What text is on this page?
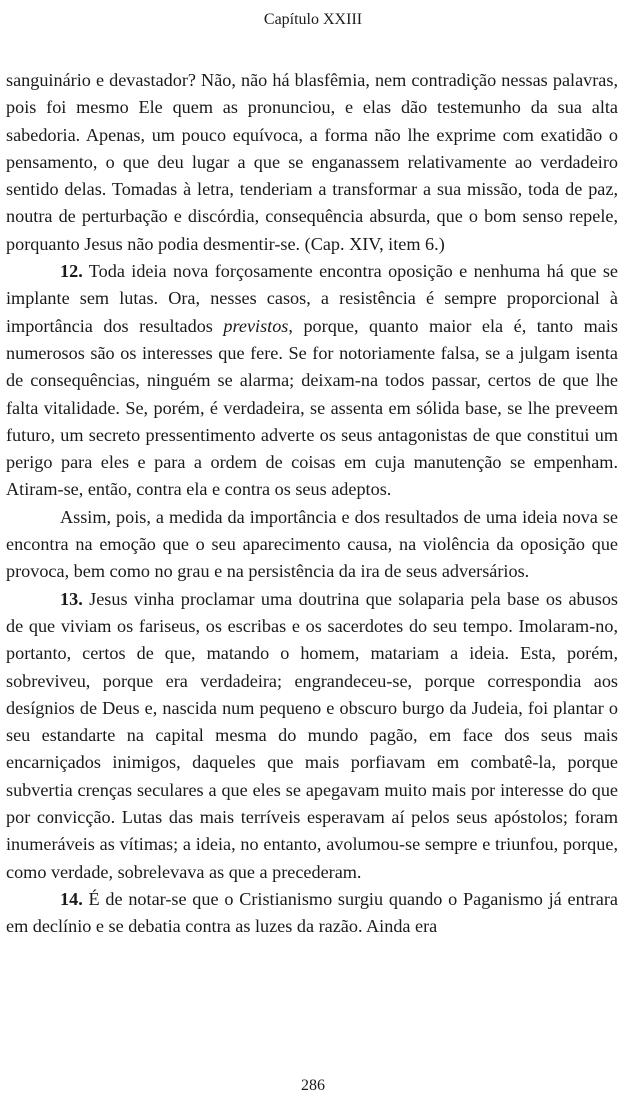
Capítulo XXIII

sanguinário e devastador? Não, não há blasfêmia, nem contradição nessas palavras, pois foi mesmo Ele quem as pronunciou, e elas dão testemunho da sua alta sabedoria. Apenas, um pouco equívoca, a forma não lhe exprime com exatidão o pensamento, o que deu lugar a que se enganassem relativamente ao verdadeiro sentido delas. Tomadas à letra, tenderiam a transformar a sua missão, toda de paz, noutra de perturbação e discórdia, consequência absurda, que o bom senso repele, porquanto Jesus não podia desmentir-se. (Cap. XIV, item 6.)

12. Toda ideia nova forçosamente encontra oposição e nenhuma há que se implante sem lutas. Ora, nesses casos, a resistência é sempre proporcional à importância dos resultados previstos, porque, quanto maior ela é, tanto mais numerosos são os interesses que fere. Se for notoriamente falsa, se a julgam isenta de consequências, ninguém se alarma; deixam-na todos passar, certos de que lhe falta vitalidade. Se, porém, é verdadeira, se assenta em sólida base, se lhe preveem futuro, um secreto pressentimento adverte os seus antagonistas de que constitui um perigo para eles e para a ordem de coisas em cuja manutenção se empenham. Atiram-se, então, contra ela e contra os seus adeptos.

Assim, pois, a medida da importância e dos resultados de uma ideia nova se encontra na emoção que o seu aparecimento causa, na violência da oposição que provoca, bem como no grau e na persistência da ira de seus adversários.

13. Jesus vinha proclamar uma doutrina que solaparia pela base os abusos de que viviam os fariseus, os escribas e os sacerdotes do seu tempo. Imolaram-no, portanto, certos de que, matando o homem, matariam a ideia. Esta, porém, sobreviveu, porque era verdadeira; engrandeceu-se, porque correspondia aos desígnios de Deus e, nascida num pequeno e obscuro burgo da Judeia, foi plantar o seu estandarte na capital mesma do mundo pagão, em face dos seus mais encarniçados inimigos, daqueles que mais porfiavam em combatê-la, porque subvertia crenças seculares a que eles se apegavam muito mais por interesse do que por convicção. Lutas das mais terríveis esperavam aí pelos seus apóstolos; foram inumeráveis as vítimas; a ideia, no entanto, avolumou-se sempre e triunfou, porque, como verdade, sobrelevava as que a precederam.

14. É de notar-se que o Cristianismo surgiu quando o Paganismo já entrara em declínio e se debatia contra as luzes da razão. Ainda era

286
